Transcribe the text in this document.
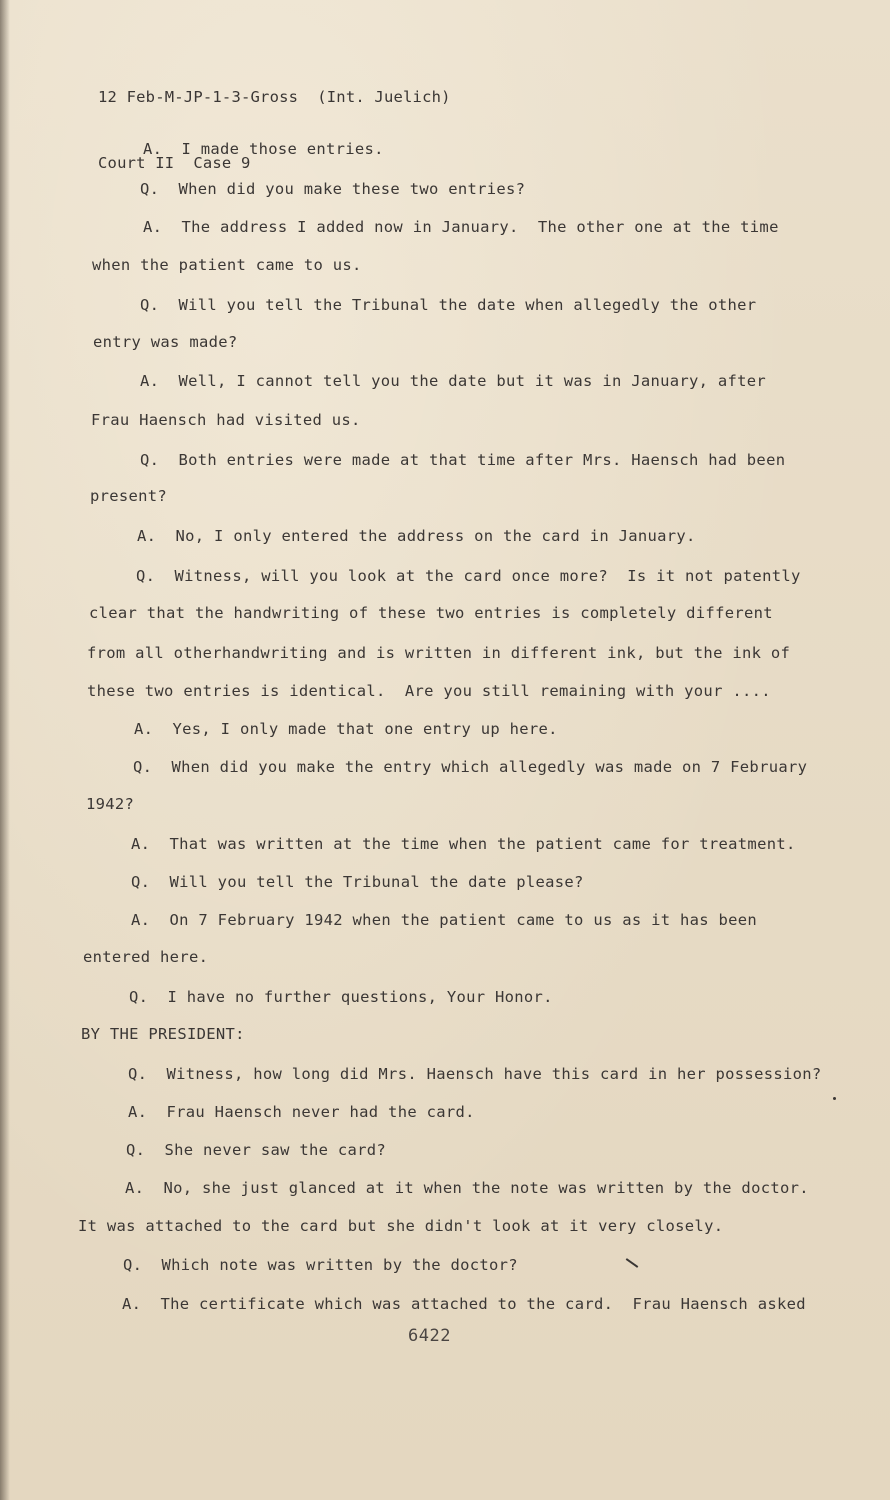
12 Feb-M-JP-1-3-Gross  (Int. Juelich)

Court II  Case 9

A.  I made those entries.
Q.  When did you make these two entries?
A.  The address I added now in January.  The other one at the time
when the patient came to us.
Q.  Will you tell the Tribunal the date when allegedly the other
entry was made?
A.  Well, I cannot tell you the date but it was in January, after
Frau Haensch had visited us.
Q.  Both entries were made at that time after Mrs. Haensch had been
present?
A.  No, I only entered the address on the card in January.
Q.  Witness, will you look at the card once more?  Is it not patently
clear that the handwriting of these two entries is completely different
from all otherhandwriting and is written in different ink, but the ink of
these two entries is identical.  Are you still remaining with your ....
A.  Yes, I only made that one entry up here.
Q.  When did you make the entry which allegedly was made on 7 February
1942?
A.  That was written at the time when the patient came for treatment.
Q.  Will you tell the Tribunal the date please?
A.  On 7 February 1942 when the patient came to us as it has been
entered here.
Q.  I have no further questions, Your Honor.
BY THE PRESIDENT:
Q.  Witness, how long did Mrs. Haensch have this card in her possession?
A.  Frau Haensch never had the card.
Q.  She never saw the card?
A.  No, she just glanced at it when the note was written by the doctor.
It was attached to the card but she didn't look at it very closely.
Q.  Which note was written by the doctor?
A.  The certificate which was attached to the card.  Frau Haensch asked
6422
